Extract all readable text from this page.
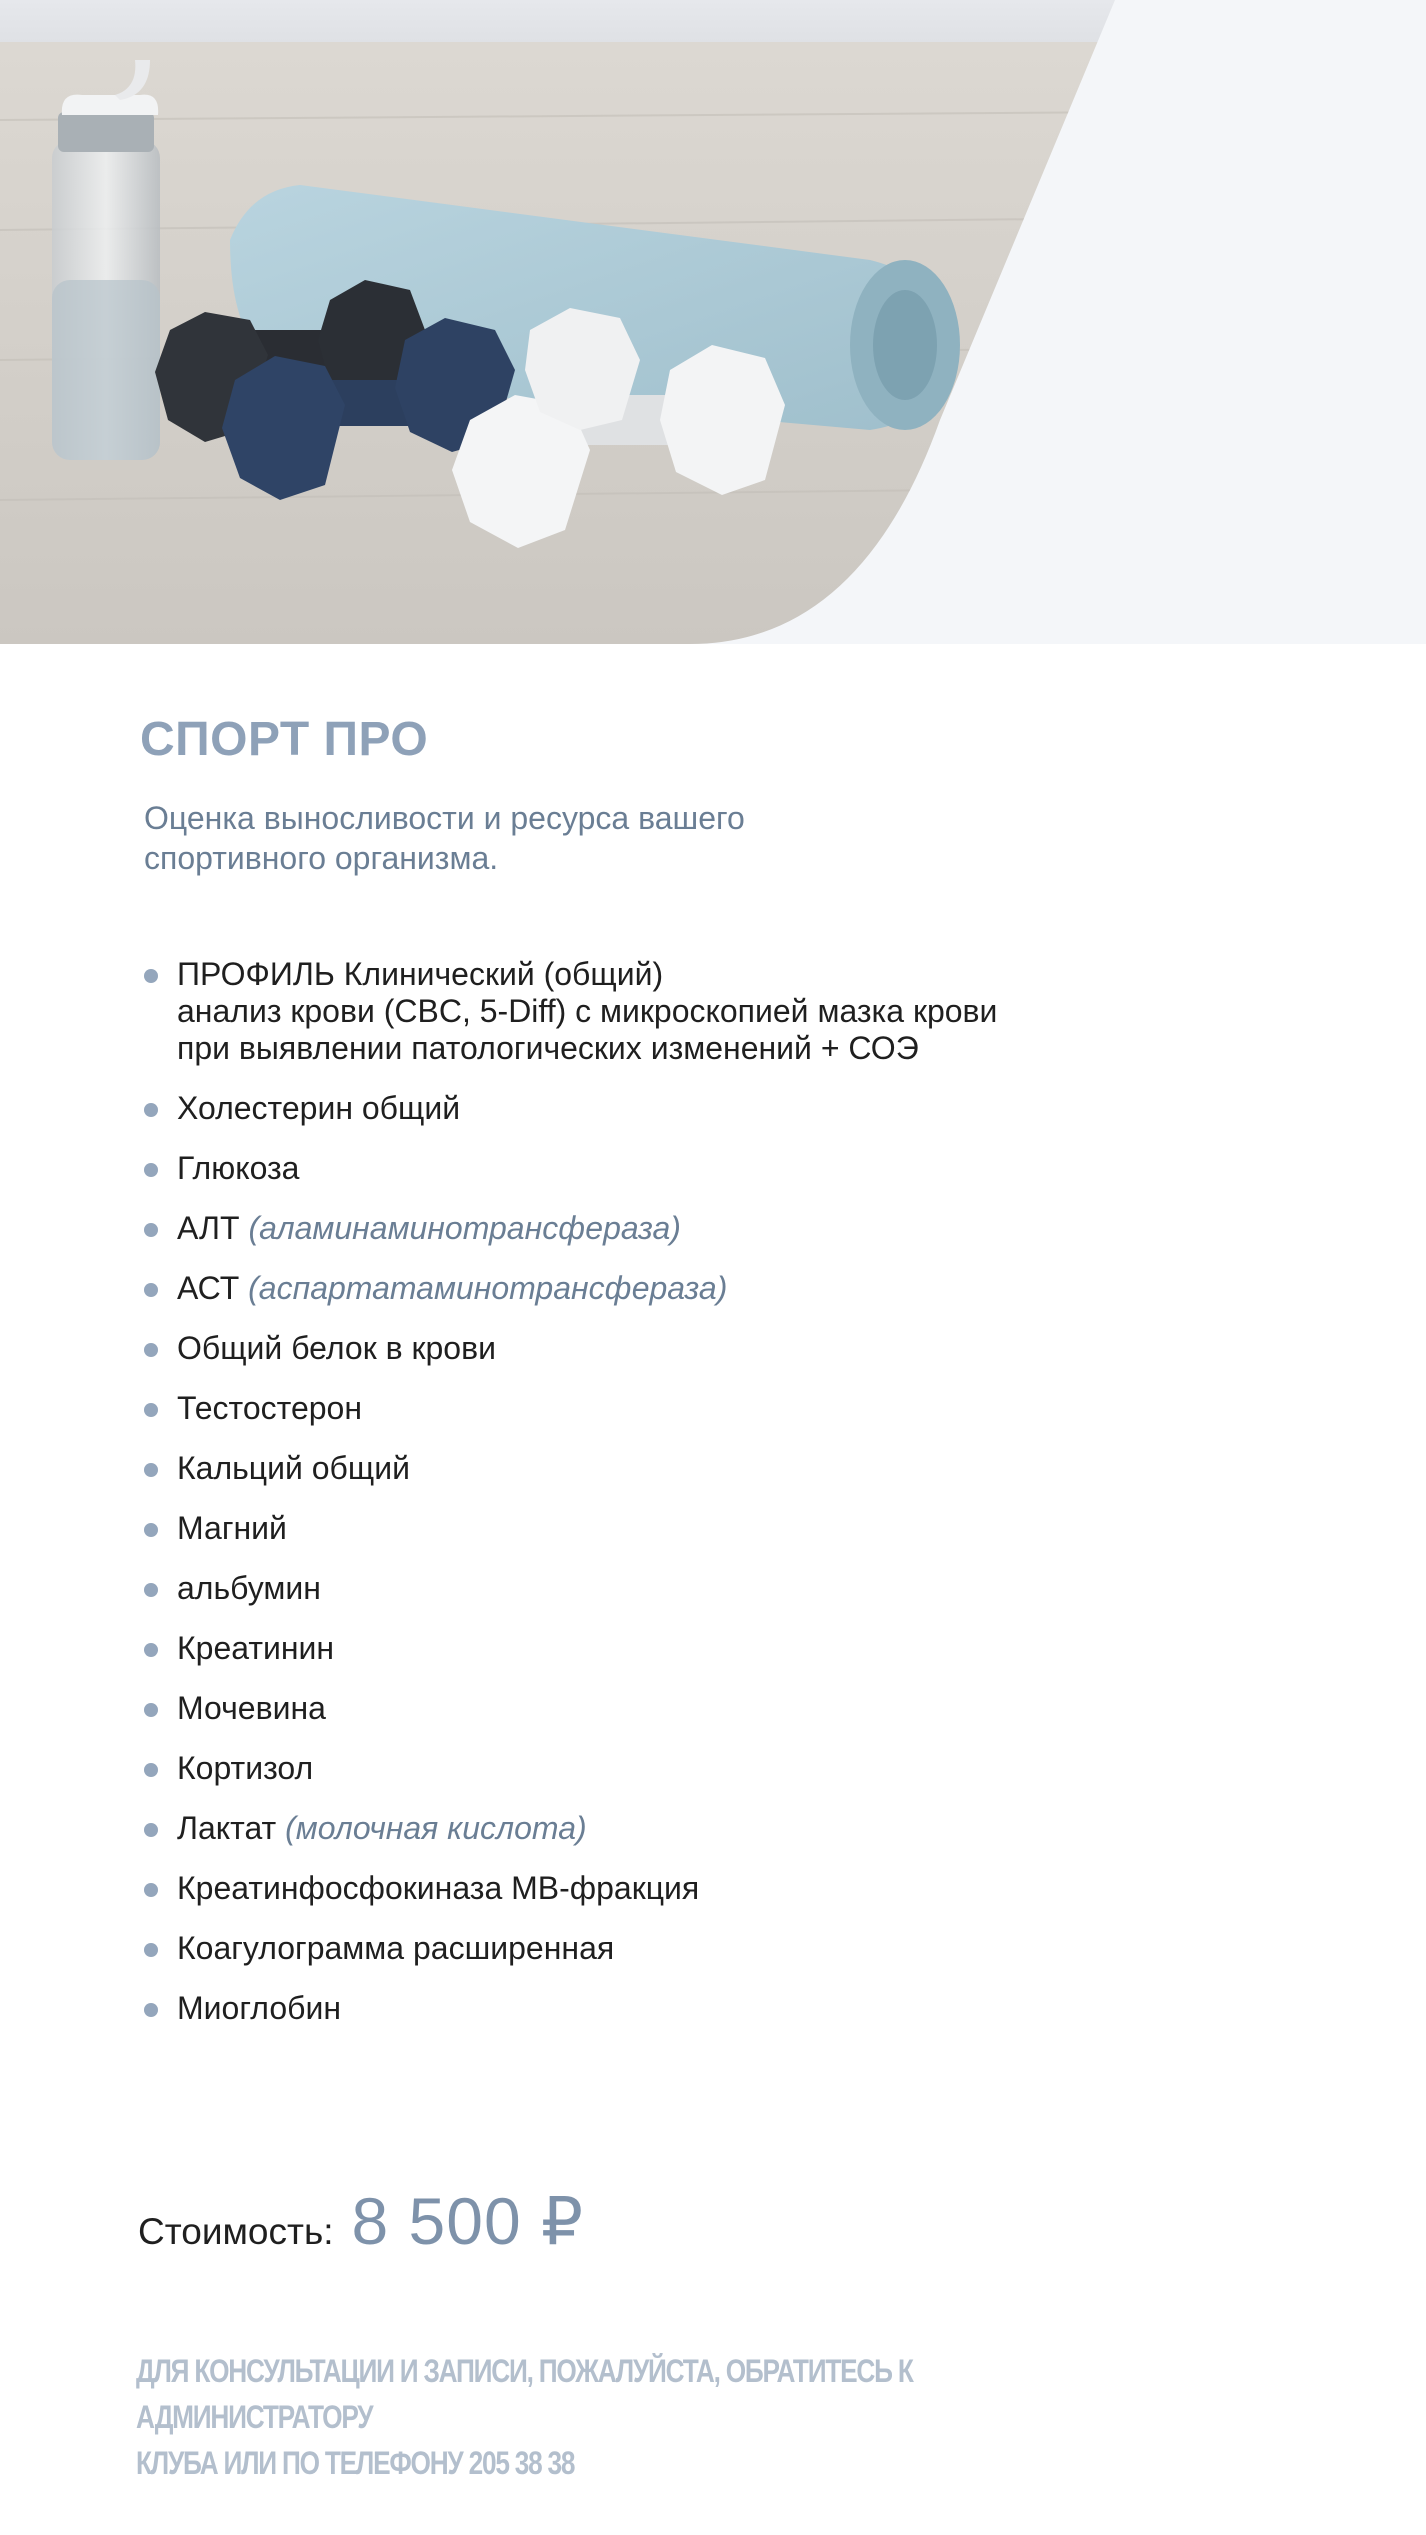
СПОРТ ПРО

Оценка выносливости и ресурса вашего спортивного организма.

ПРОФИЛЬ Клинический (общий)
анализ крови (CBC, 5-Diff) с микроскопией мазка крови
при выявлении патологических изменений + СОЭ
Холестерин общий
Глюкоза
АЛТ (аламинаминотрансфераза)
АСТ (аспартатаминотрансфераза)
Общий белок в крови
Тестостерон
Кальций общий
Магний
альбумин
Креатинин
Мочевина
Кортизол
Лактат (молочная кислота)
Креатинфосфокиназа MB-фракция
Коагулограмма расширенная
Миоглобин
Стоимость: 8 500 ₽

ДЛЯ КОНСУЛЬТАЦИИ И ЗАПИСИ, ПОЖАЛУЙСТА, ОБРАТИТЕСЬ К АДМИНИСТРАТОРУ
КЛУБА ИЛИ ПО ТЕЛЕФОНУ 205 38 38
